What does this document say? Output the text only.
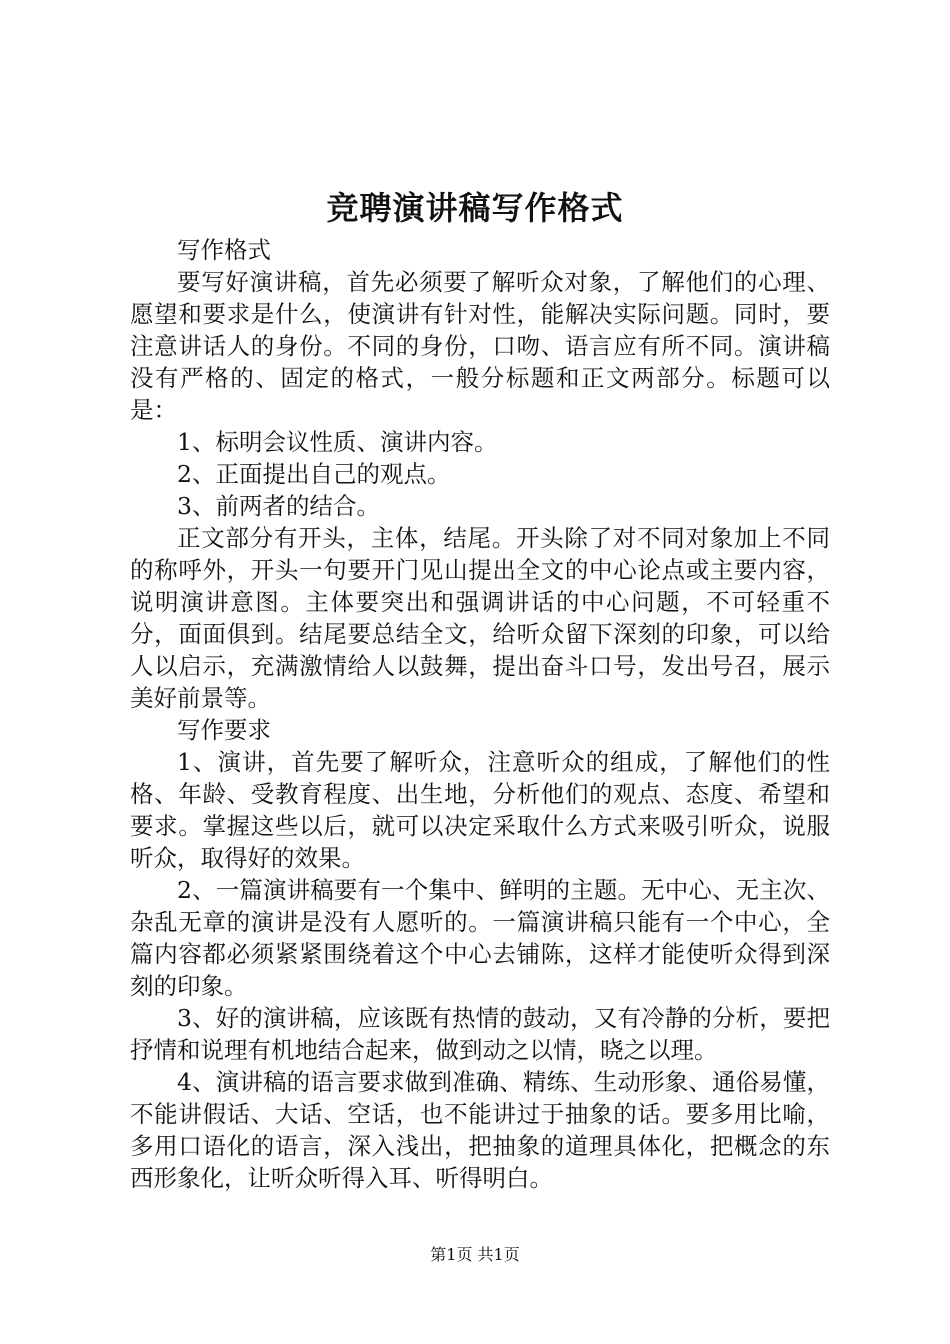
竞聘演讲稿写作格式

写作格式

要写好演讲稿，首先必须要了解听众对象，了解他们的心理、愿望和要求是什么，使演讲有针对性，能解决实际问题。同时，要注意讲话人的身份。不同的身份，口吻、语言应有所不同。演讲稿没有严格的、固定的格式，一般分标题和正文两部分。标题可以是：

1、标明会议性质、演讲内容。

2、正面提出自己的观点。

3、前两者的结合。

正文部分有开头，主体，结尾。开头除了对不同对象加上不同的称呼外，开头一句要开门见山提出全文的中心论点或主要内容，说明演讲意图。主体要突出和强调讲话的中心问题，不可轻重不分，面面俱到。结尾要总结全文，给听众留下深刻的印象，可以给人以启示，充满激情给人以鼓舞，提出奋斗口号，发出号召，展示美好前景等。

写作要求

1、演讲，首先要了解听众，注意听众的组成，了解他们的性格、年龄、受教育程度、出生地，分析他们的观点、态度、希望和要求。掌握这些以后，就可以决定采取什么方式来吸引听众，说服听众，取得好的效果。

2、一篇演讲稿要有一个集中、鲜明的主题。无中心、无主次、杂乱无章的演讲是没有人愿听的。一篇演讲稿只能有一个中心，全篇内容都必须紧紧围绕着这个中心去铺陈，这样才能使听众得到深刻的印象。

3、好的演讲稿，应该既有热情的鼓动，又有冷静的分析，要把抒情和说理有机地结合起来，做到动之以情，晓之以理。

4、演讲稿的语言要求做到准确、精练、生动形象、通俗易懂，不能讲假话、大话、空话，也不能讲过于抽象的话。要多用比喻，多用口语化的语言，深入浅出，把抽象的道理具体化，把概念的东西形象化，让听众听得入耳、听得明白。

第1页 共1页
